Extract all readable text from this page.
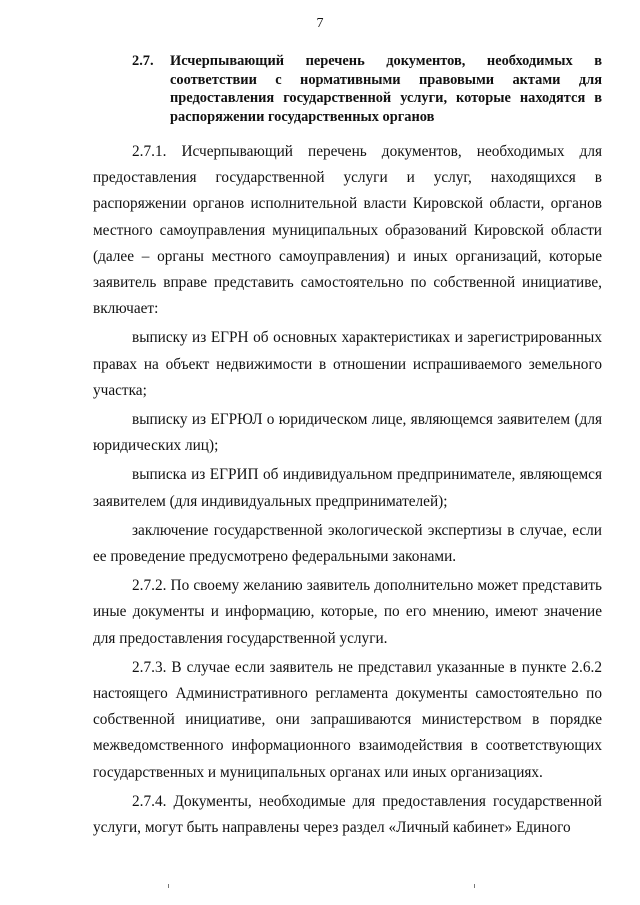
7
2.7.	Исчерпывающий перечень документов, необходимых в соответствии с нормативными правовыми актами для предоставления государственной услуги, которые находятся в распоряжении государственных органов

2.7.1. Исчерпывающий перечень документов, необходимых для предоставления государственной услуги и услуг, находящихся в распоряжении органов исполнительной власти Кировской области, органов местного самоуправления муниципальных образований Кировской области (далее – органы местного самоуправления) и иных организаций, которые заявитель вправе представить самостоятельно по собственной инициативе, включает:

выписку из ЕГРН об основных характеристиках и зарегистрированных правах на объект недвижимости в отношении испрашиваемого земельного участка;

выписку из ЕГРЮЛ о юридическом лице, являющемся заявителем (для юридических лиц);

выписка из ЕГРИП об индивидуальном предпринимателе, являющемся заявителем (для индивидуальных предпринимателей);

заключение государственной экологической экспертизы в случае, если ее проведение предусмотрено федеральными законами.

2.7.2. По своему желанию заявитель дополнительно может представить иные документы и информацию, которые, по его мнению, имеют значение для предоставления государственной услуги.

2.7.3. В случае если заявитель не представил указанные в пункте 2.6.2 настоящего Административного регламента документы самостоятельно по собственной инициативе, они запрашиваются министерством в порядке межведомственного информационного взаимодействия в соответствующих государственных и муниципальных органах или иных организациях.

2.7.4. Документы, необходимые для предоставления государственной услуги, могут быть направлены через раздел «Личный кабинет» Единого
